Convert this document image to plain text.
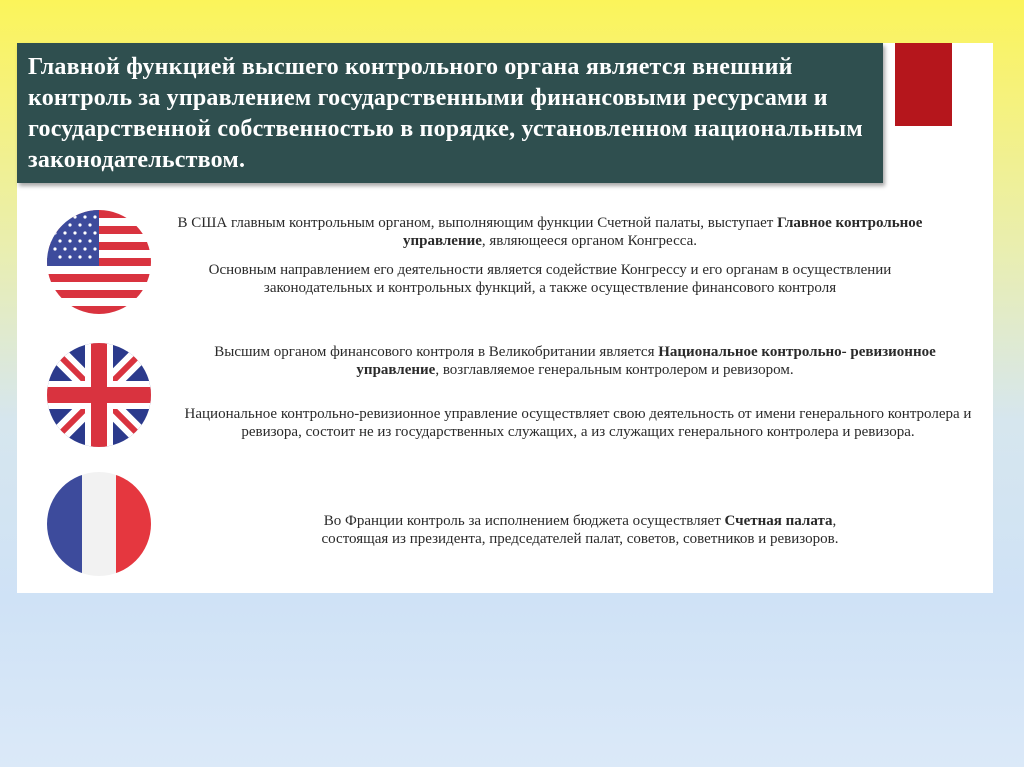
Главной функцией высшего контрольного органа является внешний контроль за управлением государственными финансовыми ресурсами и государственной собственностью в порядке, установленном национальным законодательством.
В США главным контрольным органом, выполняющим функции Счетной палаты, выступает Главное контрольное управление, являющееся органом Конгресса.
Основным направлением его деятельности является содействие Конгрессу и его органам в осуществлении законодательных и контрольных функций, а также осуществление финансового контроля
Высшим органом финансового контроля в Великобритании является Национальное контрольно- ревизионное управление, возглавляемое генеральным контролером и ревизором.
Национальное контрольно-ревизионное управление осуществляет свою деятельность от имени генерального контролера и ревизора, состоит не из государственных служащих, а из служащих генерального контролера и ревизора.
Во Франции контроль за исполнением бюджета осуществляет Счетная палата, состоящая из президента, председателей палат, советов, советников и ревизоров.
